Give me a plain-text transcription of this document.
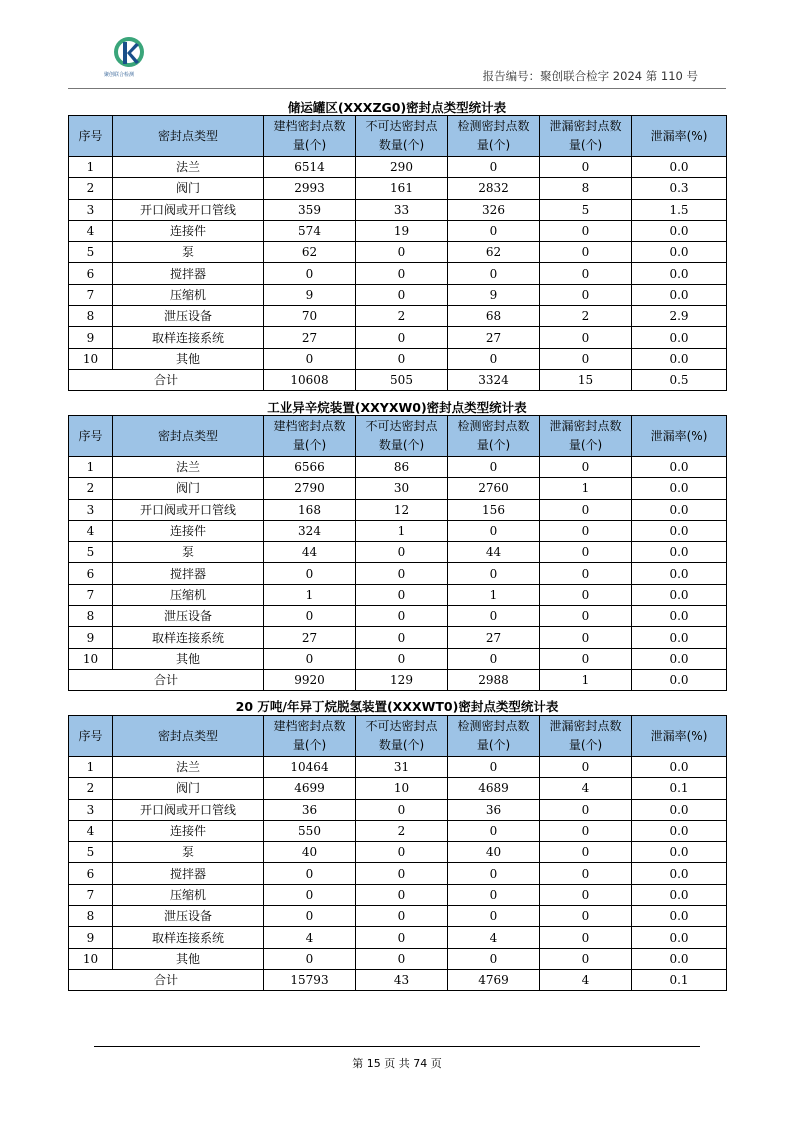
聚创联合检测	报告编号：聚创联合检字 2024 第 110 号
储运罐区(XXXZG0)密封点类型统计表
序号	密封点类型	建档密封点数量(个)	不可达密封点数量(个)	检测密封点数量(个)	泄漏密封点数量(个)	泄漏率(%)
1	法兰	6514	290	0	0	0.0
2	阀门	2993	161	2832	8	0.3
3	开口阀或开口管线	359	33	326	5	1.5
4	连接件	574	19	0	0	0.0
5	泵	62	0	62	0	0.0
6	搅拌器	0	0	0	0	0.0
7	压缩机	9	0	9	0	0.0
8	泄压设备	70	2	68	2	2.9
9	取样连接系统	27	0	27	0	0.0
10	其他	0	0	0	0	0.0
合计		10608	505	3324	15	0.5
工业异辛烷装置(XXYXW0)密封点类型统计表
序号	密封点类型	建档密封点数量(个)	不可达密封点数量(个)	检测密封点数量(个)	泄漏密封点数量(个)	泄漏率(%)
1	法兰	6566	86	0	0	0.0
2	阀门	2790	30	2760	1	0.0
3	开口阀或开口管线	168	12	156	0	0.0
4	连接件	324	1	0	0	0.0
5	泵	44	0	44	0	0.0
6	搅拌器	0	0	0	0	0.0
7	压缩机	1	0	1	0	0.0
8	泄压设备	0	0	0	0	0.0
9	取样连接系统	27	0	27	0	0.0
10	其他	0	0	0	0	0.0
合计		9920	129	2988	1	0.0
20 万吨/年异丁烷脱氢装置(XXXWT0)密封点类型统计表
序号	密封点类型	建档密封点数量(个)	不可达密封点数量(个)	检测密封点数量(个)	泄漏密封点数量(个)	泄漏率(%)
1	法兰	10464	31	0	0	0.0
2	阀门	4699	10	4689	4	0.1
3	开口阀或开口管线	36	0	36	0	0.0
4	连接件	550	2	0	0	0.0
5	泵	40	0	40	0	0.0
6	搅拌器	0	0	0	0	0.0
7	压缩机	0	0	0	0	0.0
8	泄压设备	0	0	0	0	0.0
9	取样连接系统	4	0	4	0	0.0
10	其他	0	0	0	0	0.0
合计		15793	43	4769	4	0.1
第 15 页 共 74 页
